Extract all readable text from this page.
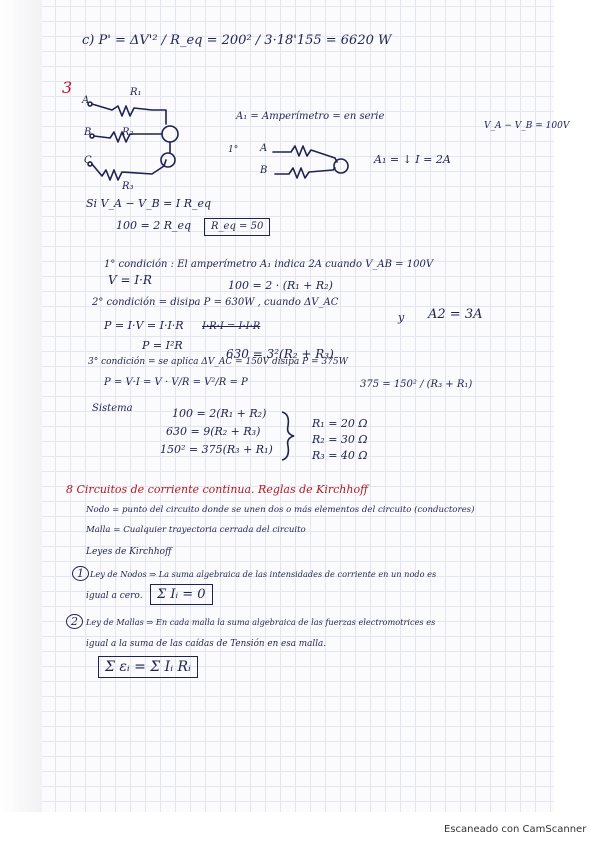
c) P' = ΔV'² / R_eq = 200² / 3·18'155 = 6620 W

3

A

R₁

B	R₂

C

R₃

A₁ = Amperímetro = en serie

V_A − V_B = 100V

1° A

B

A₁ = ↓ I = 2A

Si V_A − V_B = I R_eq

100 = 2 R_eq	R_eq = 50

1° condición : El amperímetro A₁ indica 2A cuando V_AB = 100V

V = I·R	100 = 2 · (R₁ + R₂)

2° condición = disipa P = 630W , cuando ΔV_AC

y A2 = 3A

P = I·V = I·I·R I·R·I = I·I·R

P = I²R

630 = 3²(R₂ + R₃)

3° condición = se aplica ΔV_AC = 150V disipa P = 375W

P = V·I = V · V/R = V²/R = P	375 = 150² / (R₃ + R₁)

Sistema	100 = 2(R₁ + R₂)

630 = 9(R₂ + R₃)

150² = 375(R₃ + R₁)

R₁ = 20 Ω

R₂ = 30 Ω

R₃ = 40 Ω

8 Circuitos de corriente continua. Reglas de Kirchhoff

Nodo = punto del circuito donde se unen dos o más elementos del circuito (conductores)

Malla = Cualquier trayectoria cerrada del circuito

Leyes de Kirchhoff

1 Ley de Nodos ⇒ La suma algebraica de las intensidades de corriente en un nodo es

igual a cero.	Σ Iᵢ = 0

2 Ley de Mallas ⇒ En cada malla la suma algebraica de las fuerzas electromotrices es

igual a la suma de las caídas de Tensión en esa malla.

Σ εᵢ = Σ Iᵢ Rᵢ

Escaneado con CamScanner
